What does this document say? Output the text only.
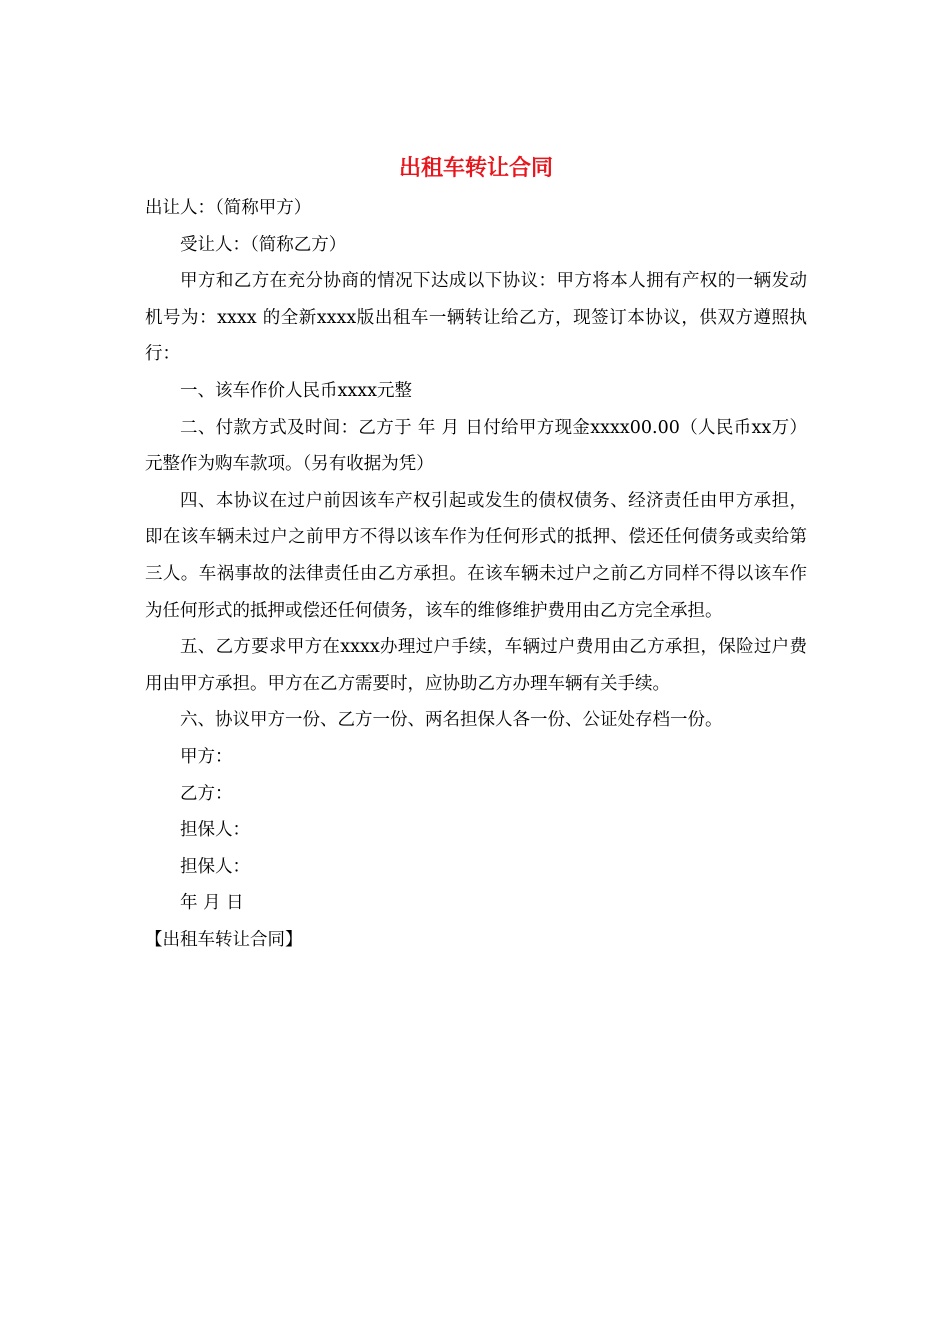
出租车转让合同

出让人：（简称甲方）

受让人：（简称乙方）

甲方和乙方在充分协商的情况下达成以下协议：甲方将本人拥有产权的一辆发动机号为：xxxx 的全新xxxx版出租车一辆转让给乙方，现签订本协议，供双方遵照执行：

一、该车作价人民币xxxx元整

二、付款方式及时间：乙方于 年 月 日付给甲方现金xxxx00.00（人民币xx万）元整作为购车款项。（另有收据为凭）

四、本协议在过户前因该车产权引起或发生的债权债务、经济责任由甲方承担，即在该车辆未过户之前甲方不得以该车作为任何形式的抵押、偿还任何债务或卖给第三人。车祸事故的法律责任由乙方承担。在该车辆未过户之前乙方同样不得以该车作为任何形式的抵押或偿还任何债务，该车的维修维护费用由乙方完全承担。

五、乙方要求甲方在xxxx办理过户手续，车辆过户费用由乙方承担，保险过户费用由甲方承担。甲方在乙方需要时，应协助乙方办理车辆有关手续。

六、协议甲方一份、乙方一份、两名担保人各一份、公证处存档一份。

甲方：

乙方：

担保人：

担保人：

年 月 日

【出租车转让合同】
